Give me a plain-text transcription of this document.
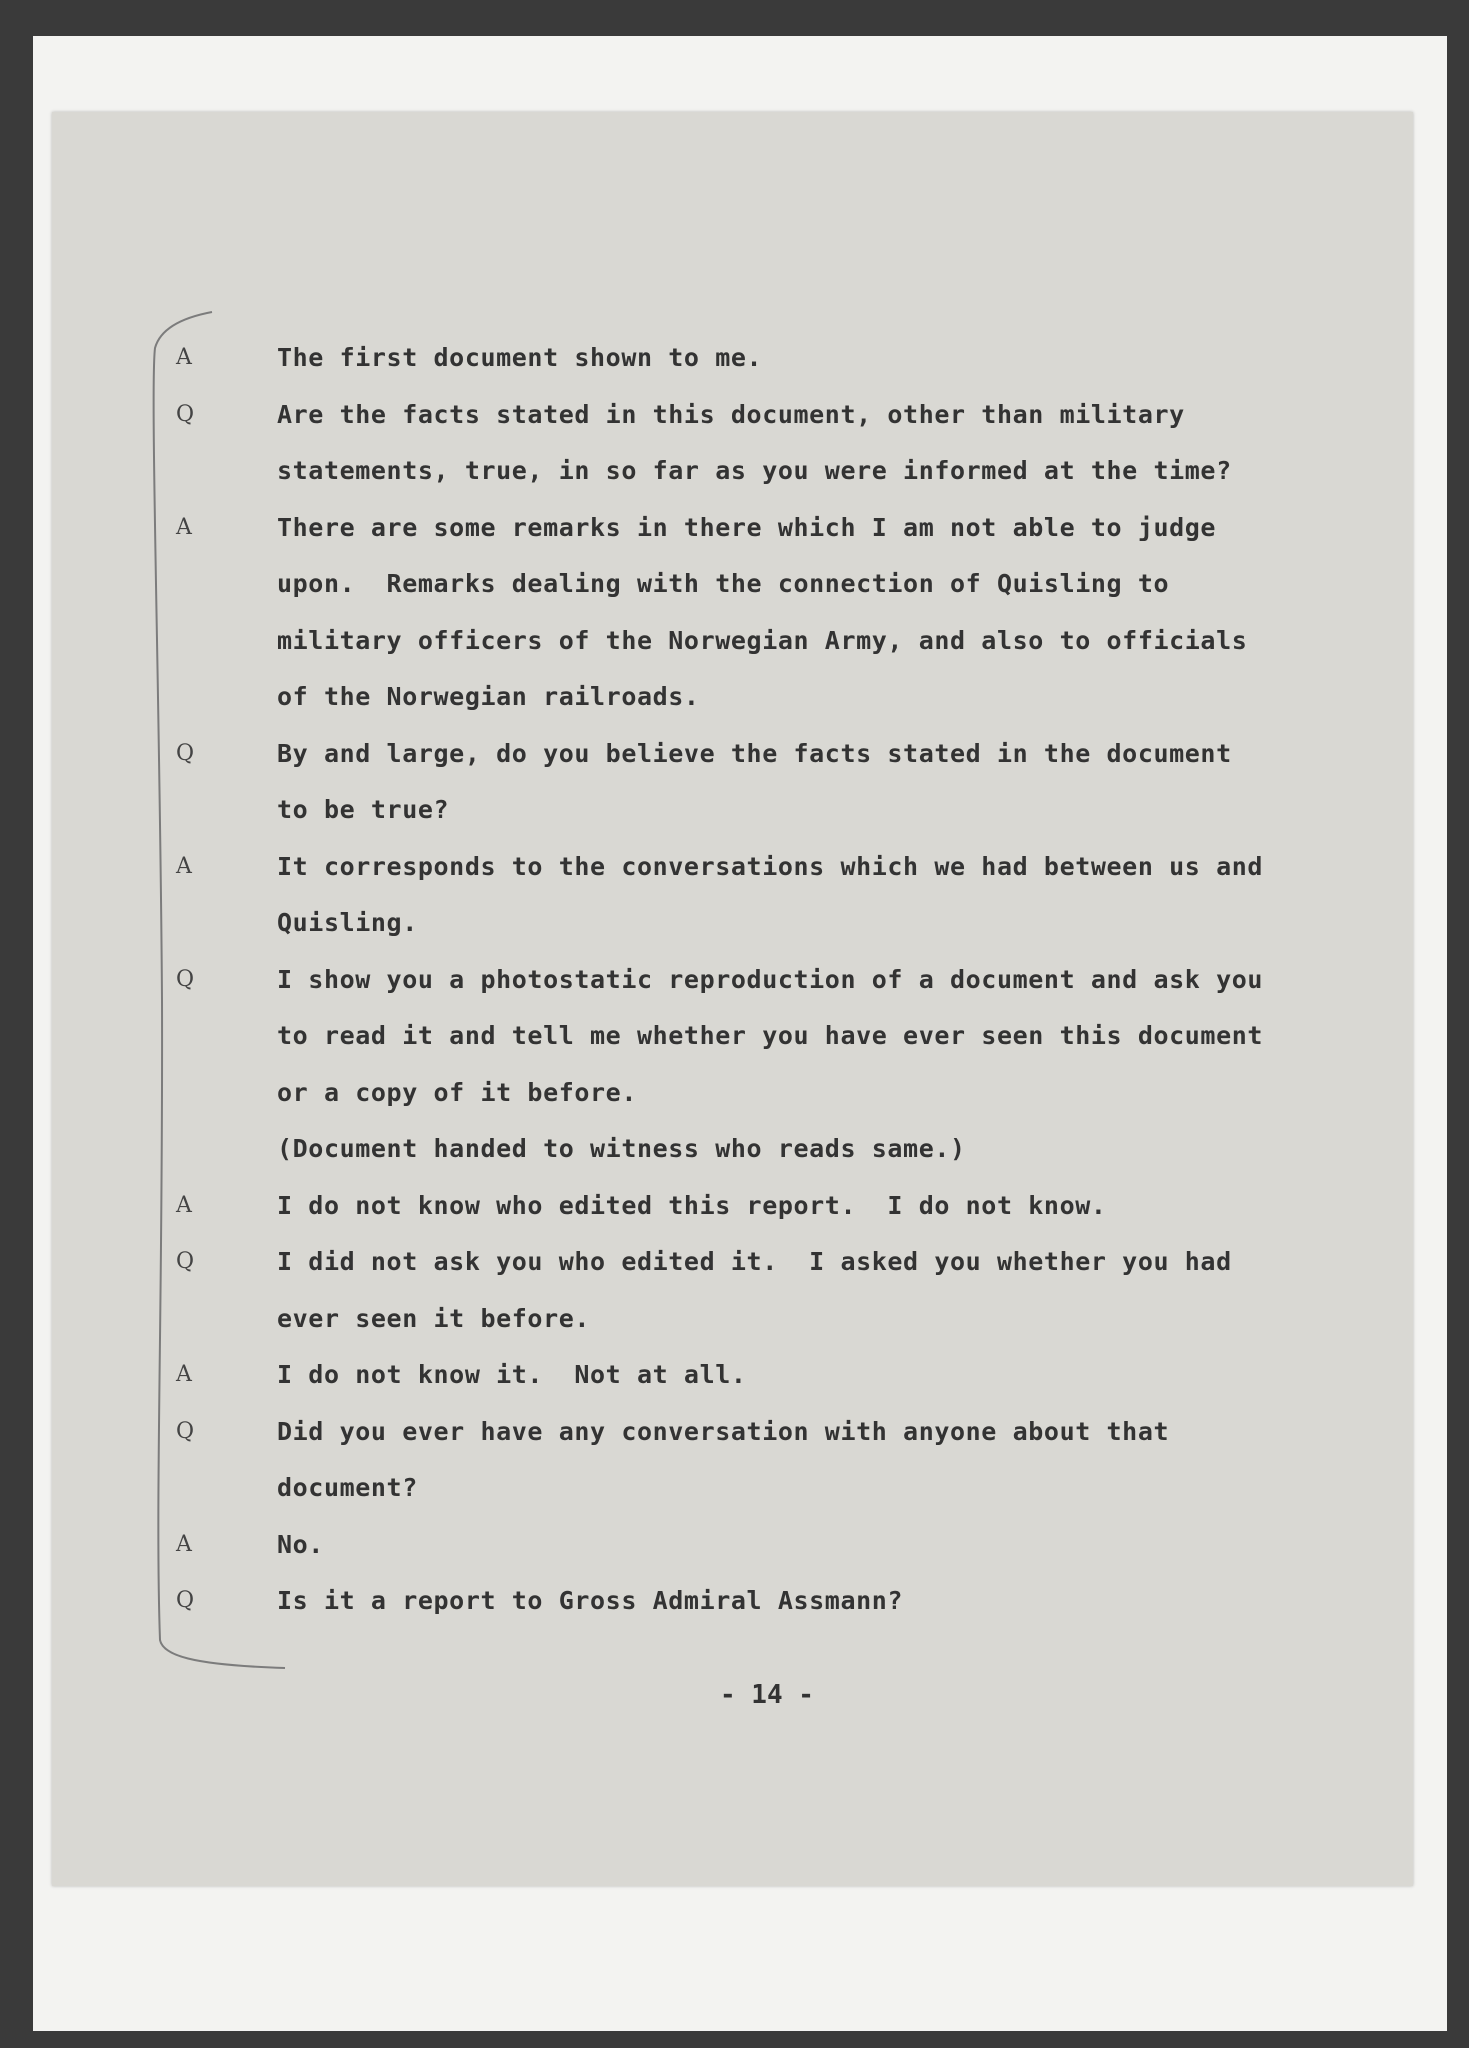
A	The first document shown to me.
Q	Are the facts stated in this document, other than military
statements, true, in so far as you were informed at the time?
A	There are some remarks in there which I am not able to judge
upon.  Remarks dealing with the connection of Quisling to
military officers of the Norwegian Army, and also to officials
of the Norwegian railroads.
Q	By and large, do you believe the facts stated in the document
to be true?
A	It corresponds to the conversations which we had between us and
Quisling.
Q	I show you a photostatic reproduction of a document and ask you
to read it and tell me whether you have ever seen this document
or a copy of it before.
(Document handed to witness who reads same.)
A	I do not know who edited this report.  I do not know.
Q	I did not ask you who edited it.  I asked you whether you had
ever seen it before.
A	I do not know it.  Not at all.
Q	Did you ever have any conversation with anyone about that
document?
A	No.
Q	Is it a report to Gross Admiral Assmann?
- 14 -
